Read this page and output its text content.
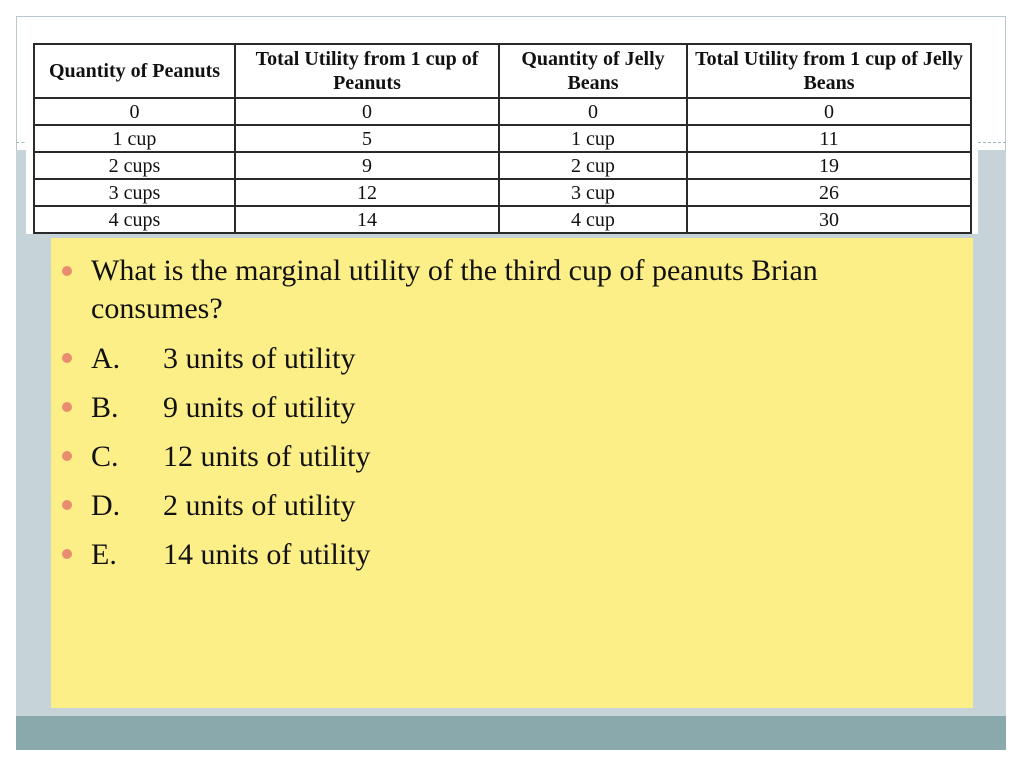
Quantity of Peanuts	Total Utility from 1 cup of Peanuts	Quantity of Jelly Beans	Total Utility from 1 cup of Jelly Beans
0	0	0	0
1 cup	5	1 cup	11
2 cups	9	2 cup	19
3 cups	12	3 cup	26
4 cups	14	4 cup	30
What is the marginal utility of the third cup of peanuts Brian consumes?
A. 3 units of utility
B. 9 units of utility
C. 12 units of utility
D. 2 units of utility
E. 14 units of utility
